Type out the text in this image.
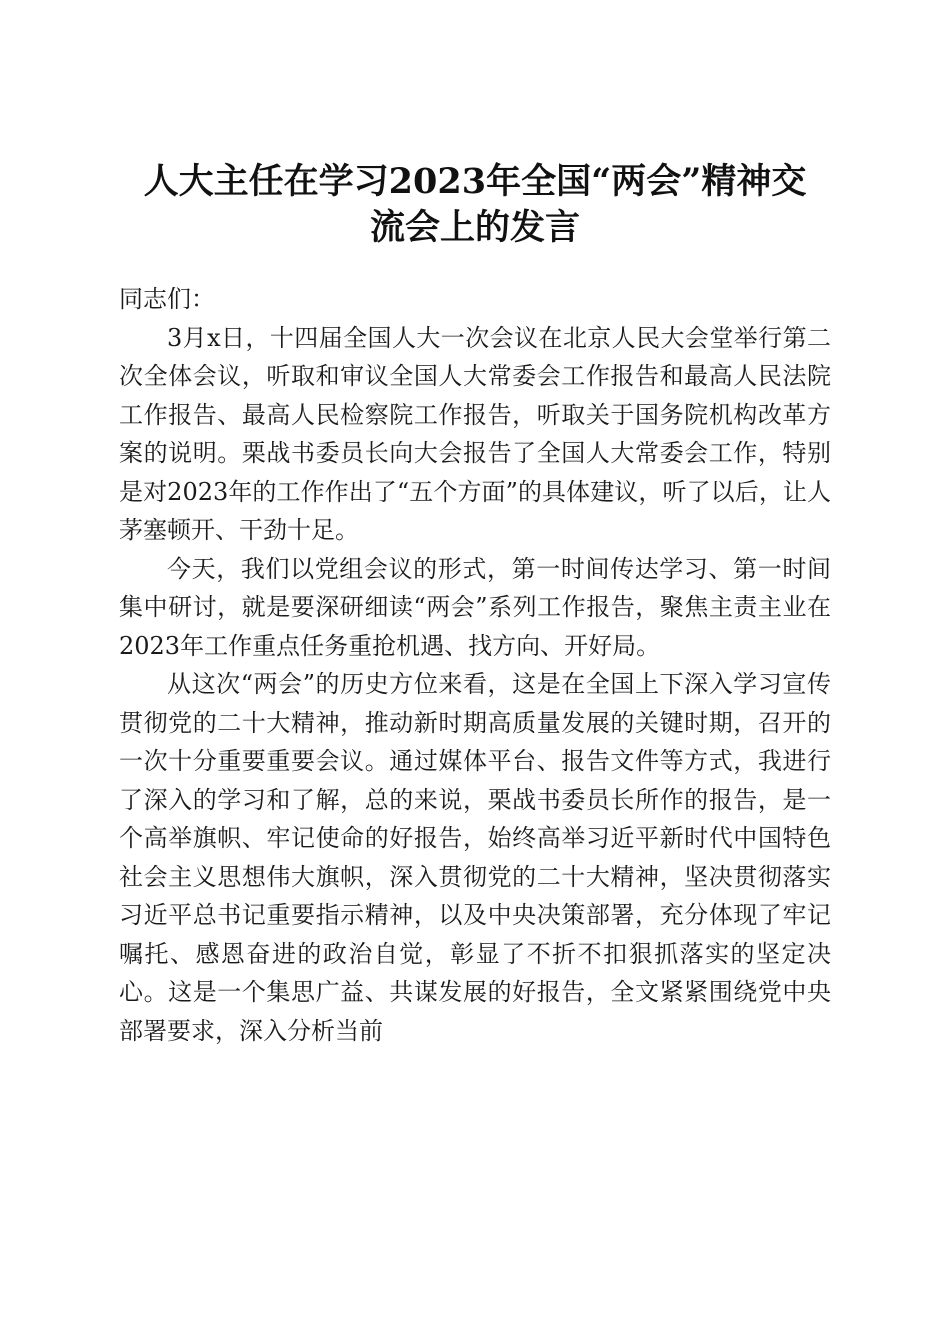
人大主任在学习2023年全国“两会”精神交
流会上的发言

同志们：

3月x日，十四届全国人大一次会议在北京人民大会堂举行第二次全体会议，听取和审议全国人大常委会工作报告和最高人民法院工作报告、最高人民检察院工作报告，听取关于国务院机构改革方案的说明。栗战书委员长向大会报告了全国人大常委会工作，特别是对2023年的工作作出了“五个方面”的具体建议，听了以后，让人茅塞顿开、干劲十足。

今天，我们以党组会议的形式，第一时间传达学习、第一时间集中研讨，就是要深研细读“两会”系列工作报告，聚焦主责主业在2023年工作重点任务重抢机遇、找方向、开好局。

从这次“两会”的历史方位来看，这是在全国上下深入学习宣传贯彻党的二十大精神，推动新时期高质量发展的关键时期，召开的一次十分重要重要会议。通过媒体平台、报告文件等方式，我进行了深入的学习和了解，总的来说，栗战书委员长所作的报告，是一个高举旗帜、牢记使命的好报告，始终高举习近平新时代中国特色社会主义思想伟大旗帜，深入贯彻党的二十大精神，坚决贯彻落实习近平总书记重要指示精神，以及中央决策部署，充分体现了牢记嘱托、感恩奋进的政治自觉，彰显了不折不扣狠抓落实的坚定决心。这是一个集思广益、共谋发展的好报告，全文紧紧围绕党中央部署要求，深入分析当前
